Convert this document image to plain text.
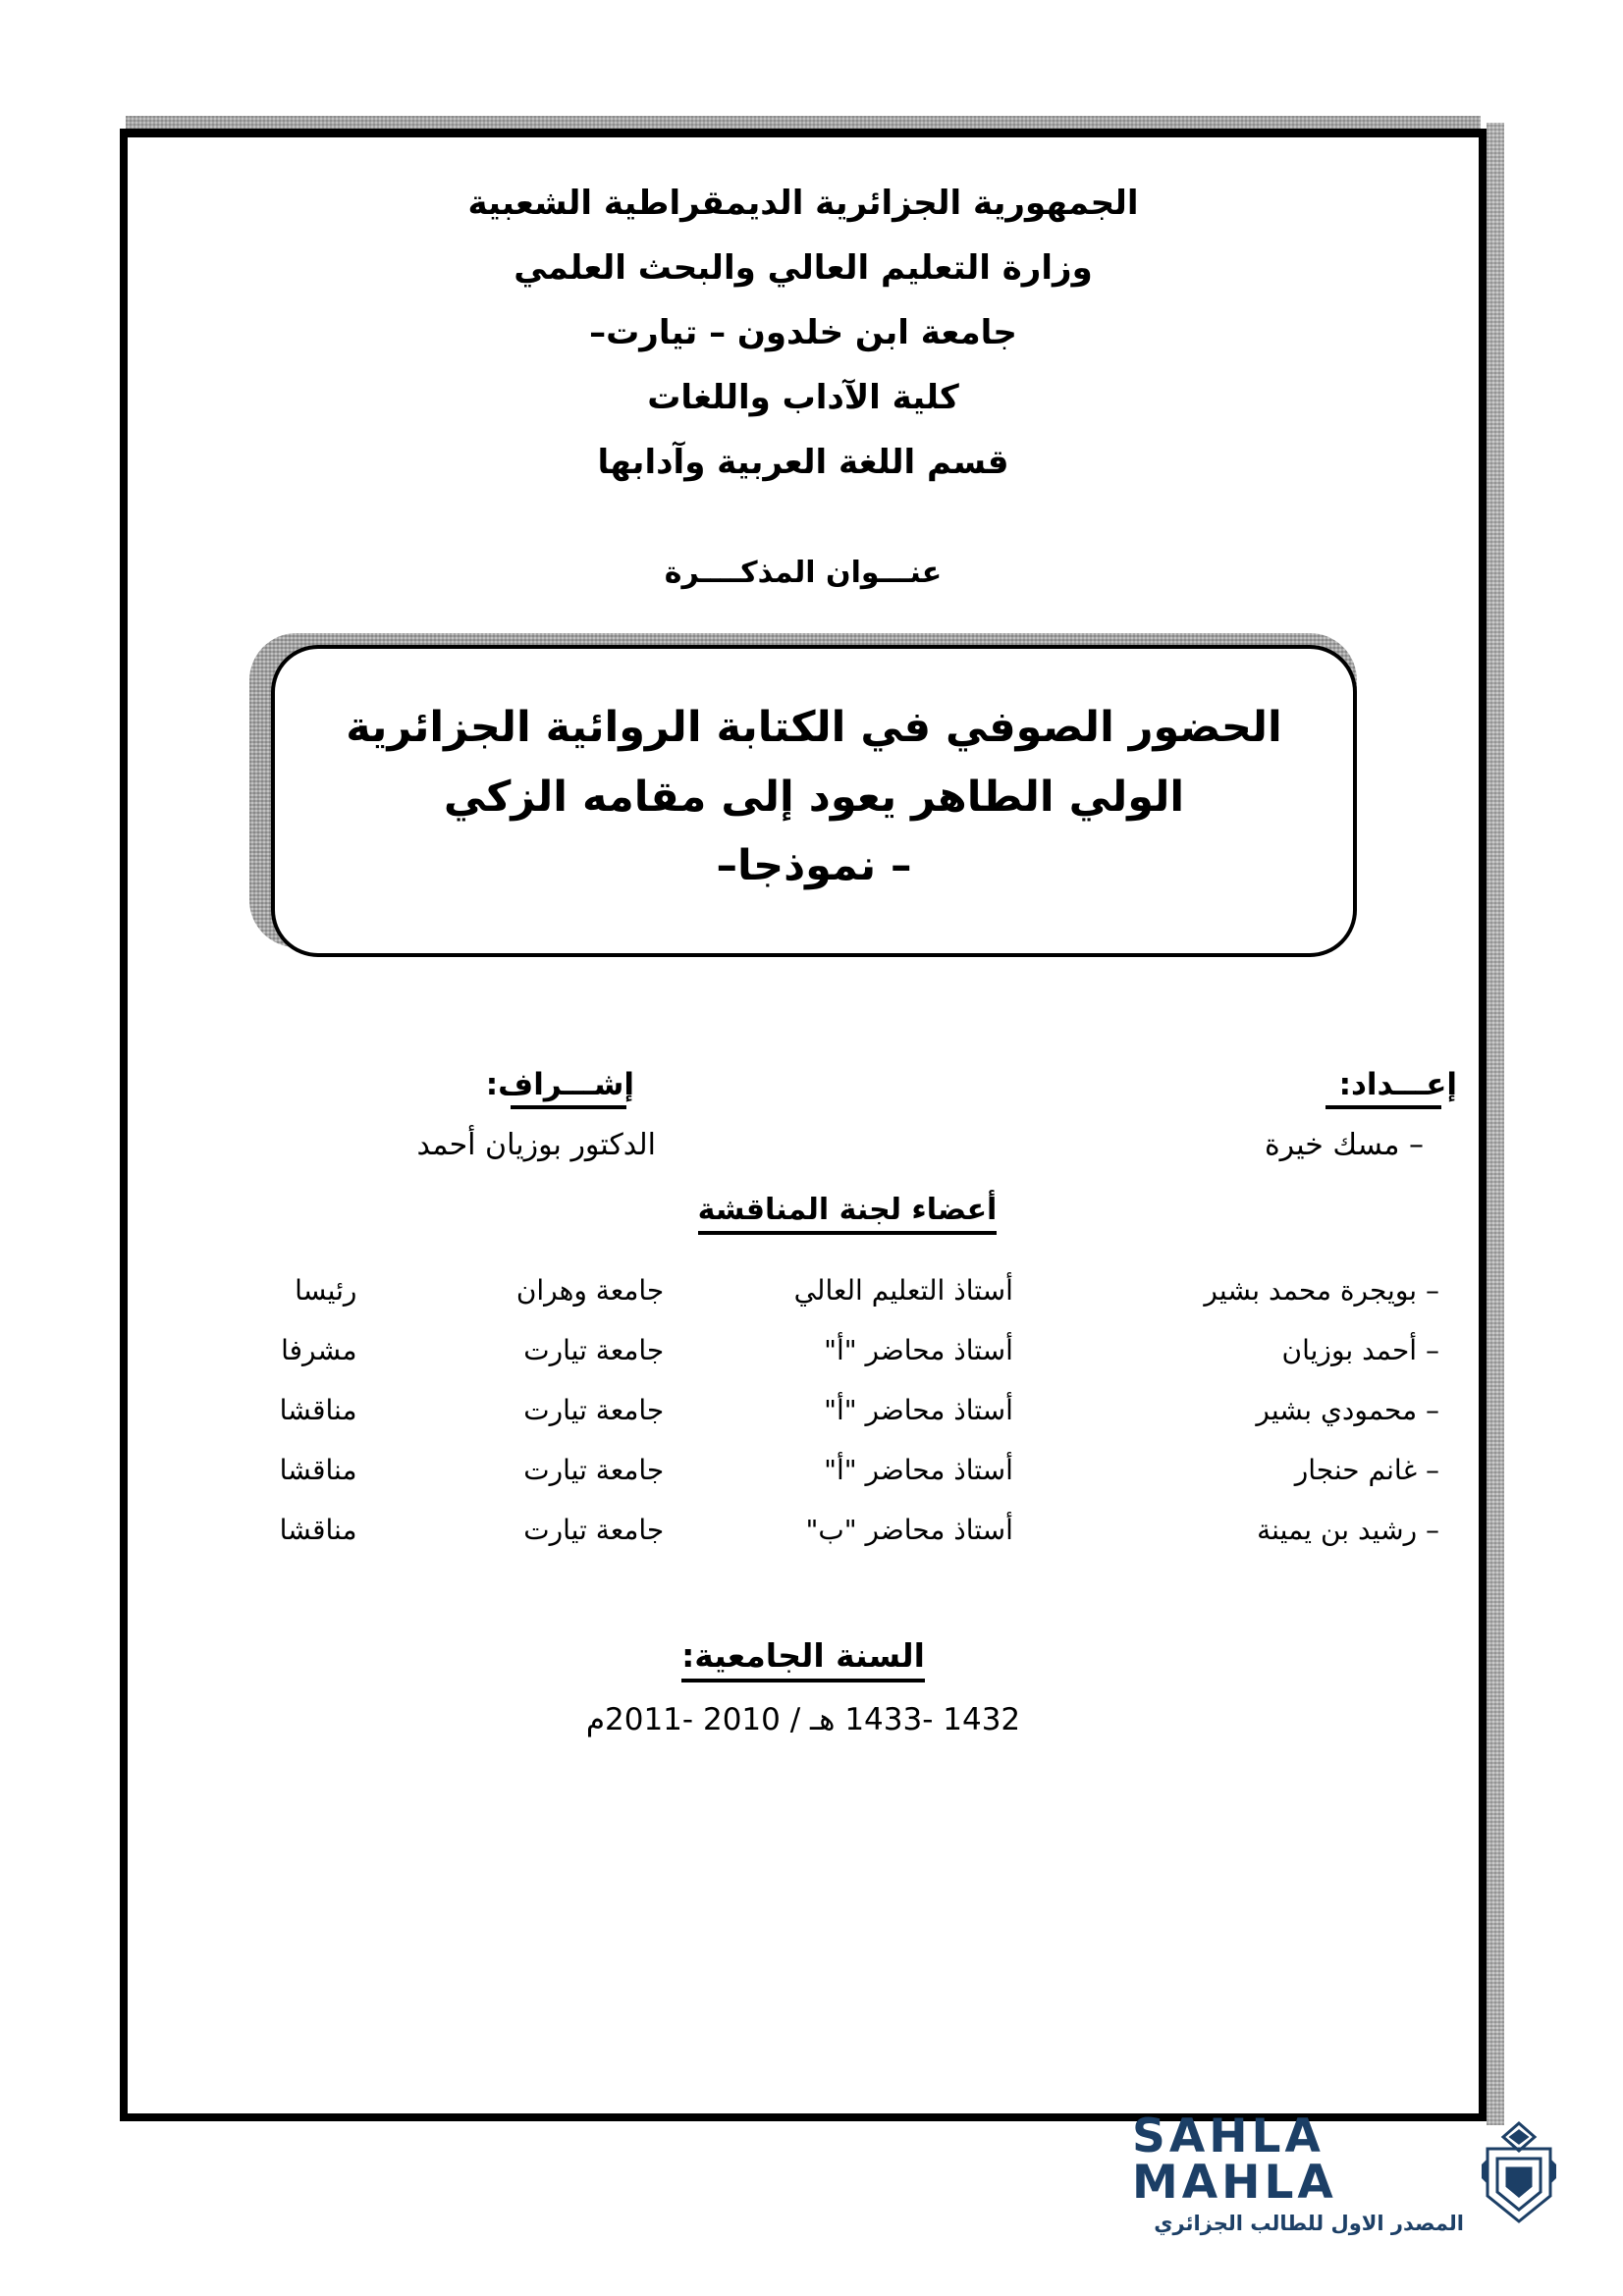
الجمهورية الجزائرية الديمقراطية الشعبية

وزارة التعليم العالي والبحث العلمي

جامعة ابن خلدون – تيارت–

كلية الآداب واللغات

قسم اللغة العربية وآدابها

عنـــوان المذكــــرة

الحضور الصوفي في الكتابة الروائية الجزائرية

الولي الطاهر يعود إلى مقامه الزكي

– نموذجا–

إعـــداد:
– مسك خيرة
إشـــراف:
الدكتور بوزيان أحمد
أعضاء لجنة المناقشة
– بويجرة محمد بشير	أستاذ التعليم العالي	جامعة وهران	رئيسا
– أحمد بوزيان	أستاذ محاضر "أ"	جامعة تيارت	مشرفا
– محمودي بشير	أستاذ محاضر "أ"	جامعة تيارت	مناقشا
– غانم حنجار	أستاذ محاضر "أ"	جامعة تيارت	مناقشا
– رشيد بن يمينة	أستاذ محاضر "ب"	جامعة تيارت	مناقشا
السنة الجامعية:
1432 -1433 هـ / 2010 -2011م
SAHLA MAHLA
المصدر الاول للطالب الجزائري
